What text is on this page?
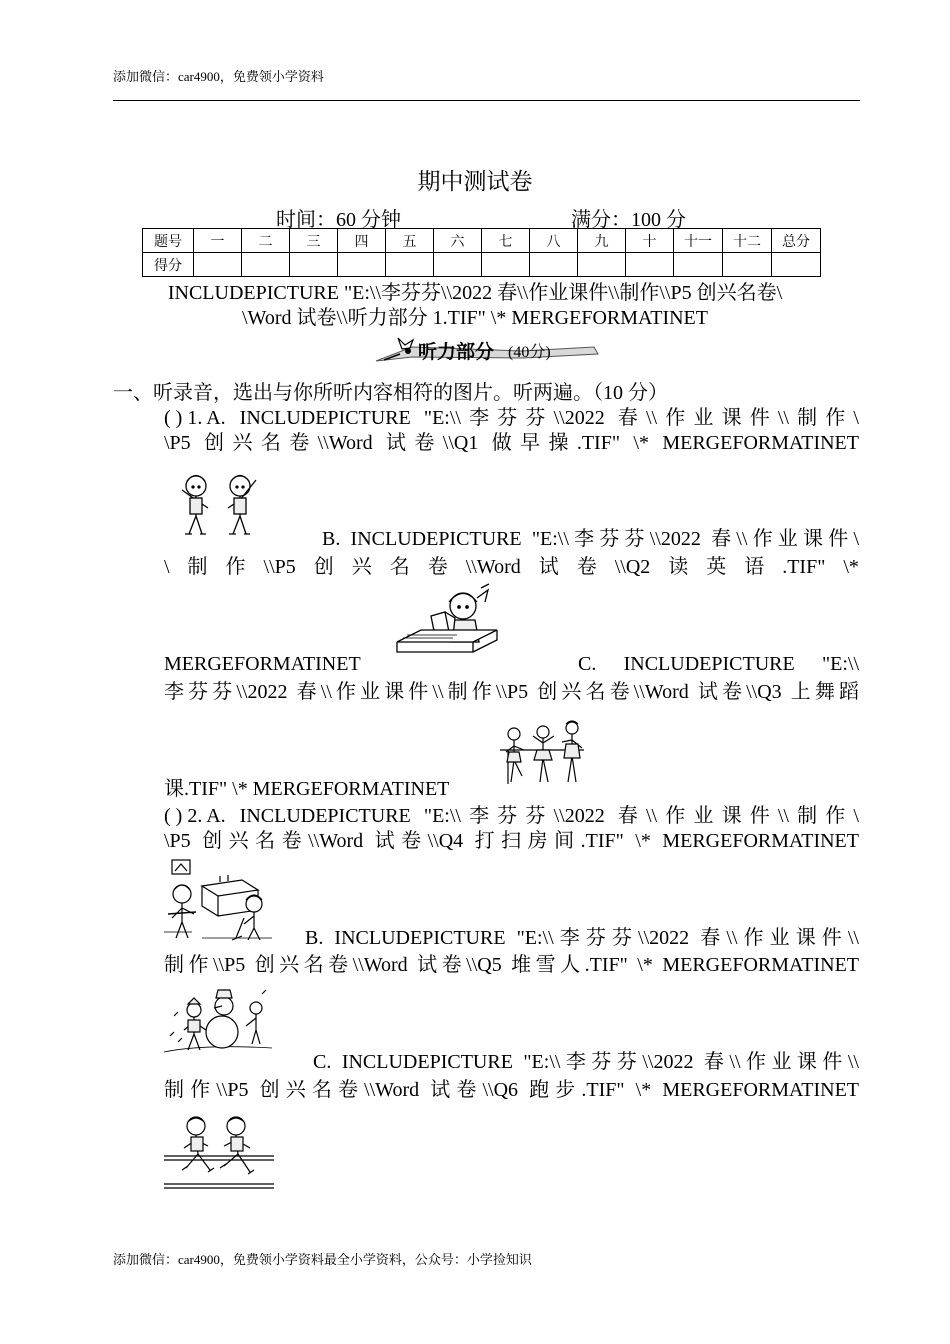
添加微信：car4900，免费领小学资料
期中测试卷
时间：60 分钟	满分：100 分
题号	一	二	三	四	五	六	七	八	九	十	十一	十二	总分
得分													
INCLUDEPICTURE "E:\\李芬芬\\2022 春\\作业课件\\制作\\P5 创兴名卷\
\Word 试卷\\听力部分 1.TIF" \* MERGEFORMATINET
听力部分 (40分)
一、听录音，选出与你所听内容相符的图片。听两遍。（10 分）
( ) 1. A. INCLUDEPICTURE "E:\\李芬芬\\2022 春\\作业课件\\制作\
\P5 创兴名卷\\Word 试卷\\Q1 做早操.TIF" \* MERGEFORMATINET
B. INCLUDEPICTURE "E:\\李芬芬\\2022 春\\作业课件\
\ 制 作 \\P5 创 兴 名 卷 \\Word 试 卷 \\Q2 读 英 语 .TIF" \*
MERGEFORMATINET	C. INCLUDEPICTURE "E:\\
李芬芬\\2022 春\\作业课件\\制作\\P5 创兴名卷\\Word 试卷\\Q3 上舞蹈
课.TIF" \* MERGEFORMATINET
( ) 2. A. INCLUDEPICTURE "E:\\李芬芬\\2022 春\\作业课件\\制作\
\P5 创兴名卷\\Word 试卷\\Q4 打扫房间.TIF" \* MERGEFORMATINET
B. INCLUDEPICTURE "E:\\李芬芬\\2022 春\\作业课件\\
制作\\P5 创兴名卷\\Word 试卷\\Q5 堆雪人.TIF" \* MERGEFORMATINET
C. INCLUDEPICTURE "E:\\李芬芬\\2022 春\\作业课件\\
制作\\P5 创兴名卷\\Word 试卷\\Q6 跑步.TIF" \* MERGEFORMATINET
添加微信：car4900，免费领小学资料最全小学资料，公众号：小学捡知识
